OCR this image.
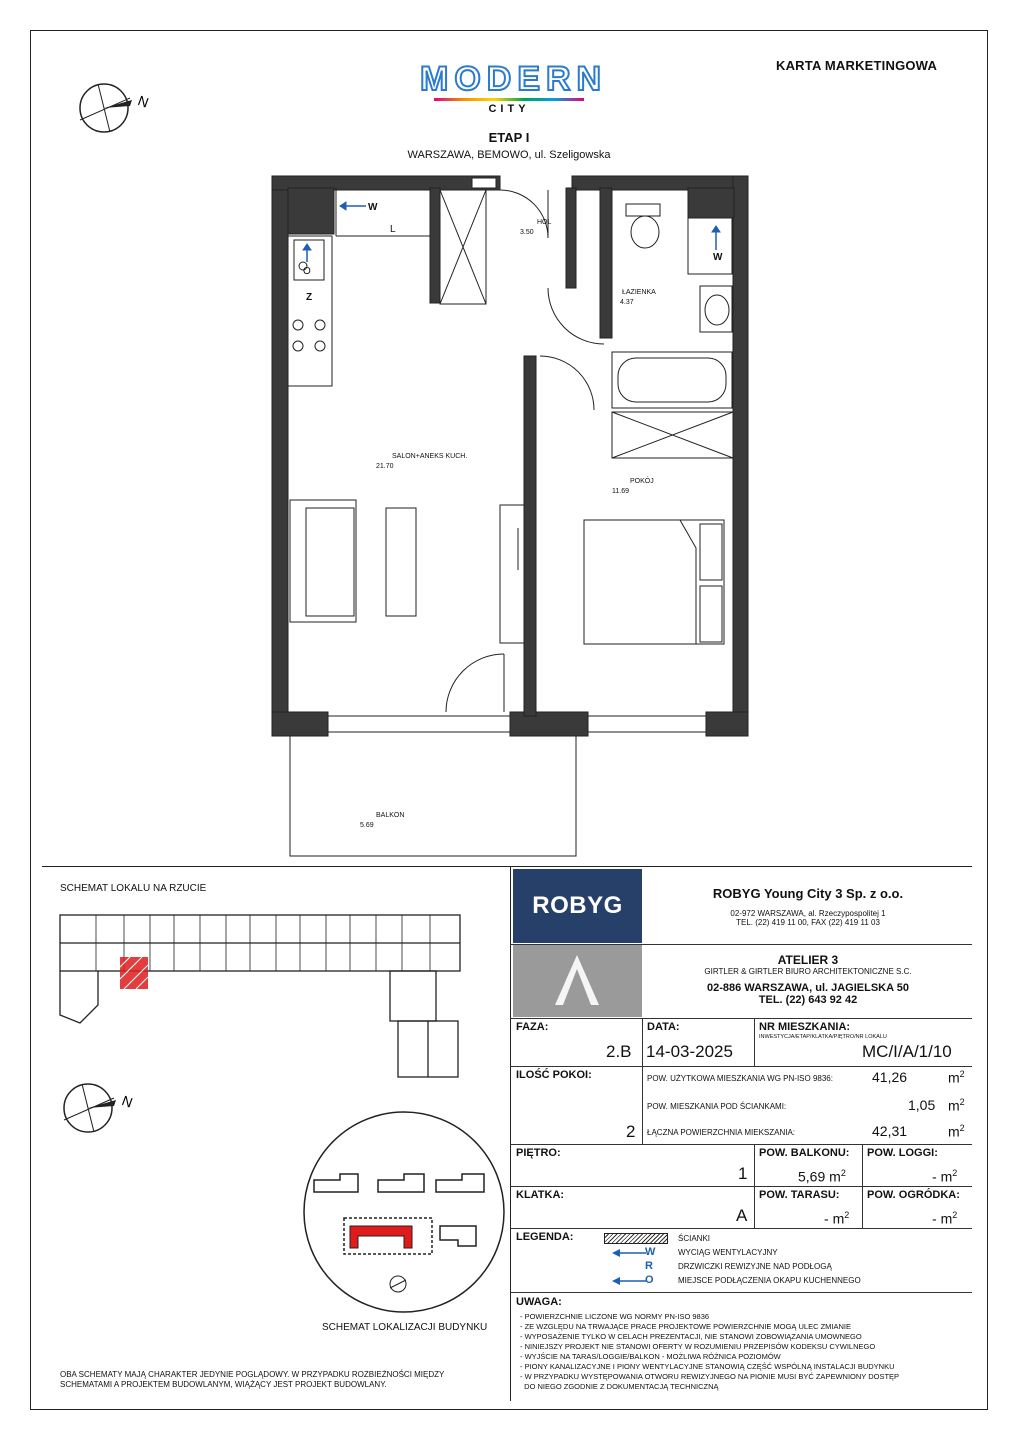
KARTA MARKETINGOWA
N
MODERN
CITY
ETAP I
WARSZAWA, BEMOWO, ul. Szeligowska
W
W
O
L
Z
HOL
3.50
ŁAZIENKA
4.37
SALON+ANEKS KUCH.
21.70
POKÓJ
11.69
BALKON
5.69
SCHEMAT LOKALU NA RZUCIE
N
SCHEMAT LOKALIZACJI BUDYNKU
OBA SCHEMATY MAJĄ CHARAKTER JEDYNIE POGLĄDOWY. W PRZYPADKU ROZBIEŻNOŚCI MIĘDZY
SCHEMATAMI A PROJEKTEM BUDOWLANYM, WIĄŻĄCY JEST PROJEKT BUDOWLANY.
ROBYG	ROBYG Young City 3 Sp. z o.o.
02-972 WARSZAWA, al. Rzeczypospolitej 1
TEL. (22) 419 11 00, FAX (22) 419 11 03
ATELIER 3
GIRTLER & GIRTLER BIURO ARCHITEKTONICZNE S.C.
02-886 WARSZAWA, ul. JAGIELSKA 50
TEL. (22) 643 92 42
FAZA:
2.B
DATA:
14-03-2025
NR MIESZKANIA:
INWESTYCJA/ETAP/KLATKA/PIĘTRO/NR LOKALU
MC/I/A/1/10
ILOŚĆ POKOI:
2
POW. UŻYTKOWA MIESZKANIA WG PN-ISO 9836:	41,26	$m^2$
POW. MIESZKANIA POD ŚCIANKAMI:	1,05 $m^2$
ŁĄCZNA POWIERZCHNIA MIEKSZANIA:	42,31	$m^2$
PIĘTRO:
1
POW. BALKONU:
5,69 $m^2$
POW. LOGGI:
- $m^2$
KLATKA:
A
POW. TARASU:
- $m^2$
POW. OGRÓDKA:
- $m^2$
LEGENDA:	ŚCIANKI
W	WYCIĄG WENTYLACYJNY
R	DRZWICZKI REWIZYJNE NAD PODŁOGĄ
O	MIEJSCE PODŁĄCZENIA OKAPU KUCHENNEGO
UWAGA:
- POWIERZCHNIE LICZONE WG NORMY PN-ISO 9836
- ZE WZGLĘDU NA TRWAJĄCE PRACE PROJEKTOWE POWIERZCHNIE MOGĄ ULEC ZMIANIE
- WYPOSAŻENIE TYLKO W CELACH PREZENTACJI, NIE STANOWI ZOBOWIĄZANIA UMOWNEGO
- NINIEJSZY PROJEKT NIE STANOWI OFERTY W ROZUMIENIU PRZEPISÓW KODEKSU CYWILNEGO
- WYJŚCIE NA TARAS/LOGGIE/BALKON - MOŻLIWA RÓŻNICA POZIOMÓW
- PIONY KANALIZACYJNE I PIONY WENTYLACYJNE STANOWIĄ CZĘŚĆ WSPÓLNĄ INSTALACJI BUDYNKU
- W PRZYPADKU WYSTĘPOWANIA OTWORU REWIZYJNEGO NA PIONIE MUSI BYĆ ZAPEWNIONY DOSTĘP
DO NIEGO ZGODNIE Z DOKUMENTACJĄ TECHNICZNĄ
